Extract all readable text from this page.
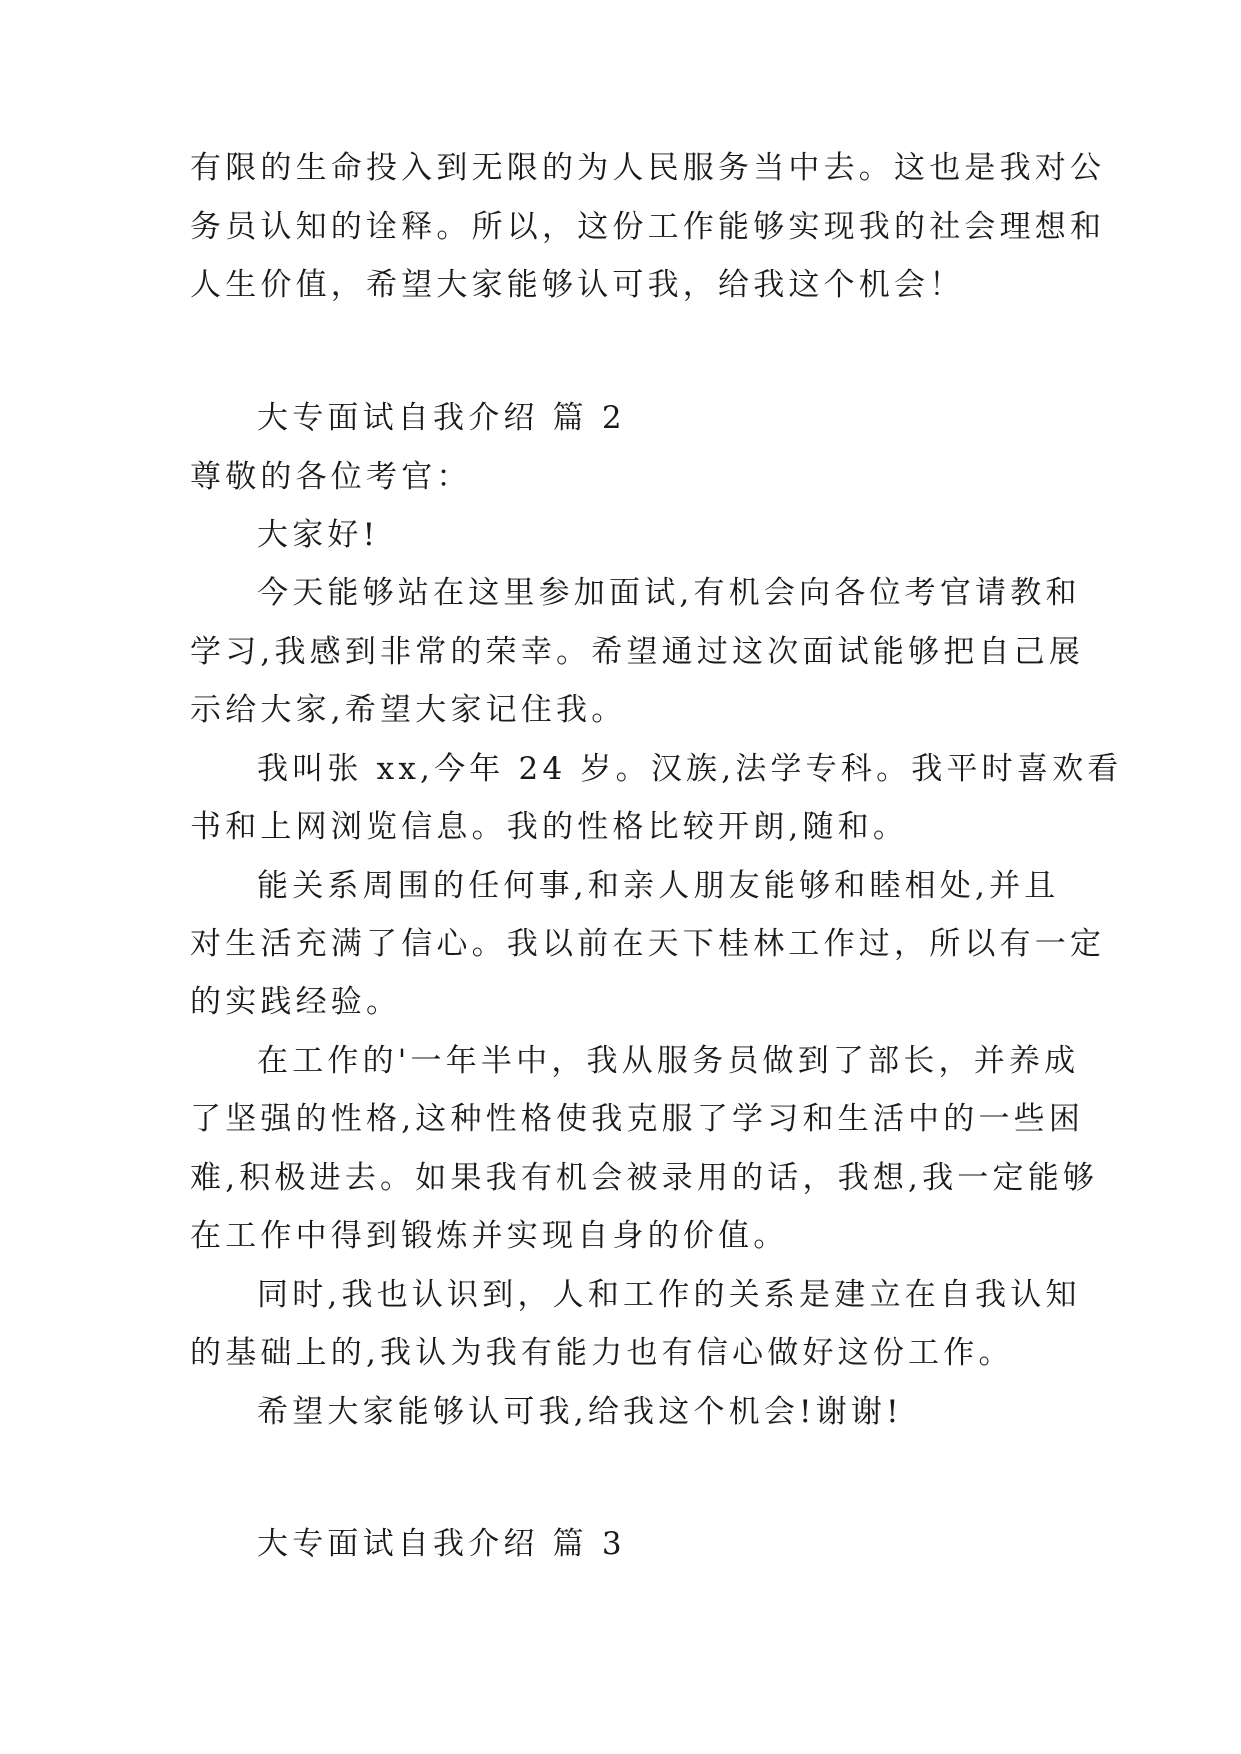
有限的生命投入到无限的为人民服务当中去。这也是我对公
务员认知的诠释。所以，这份工作能够实现我的社会理想和
人生价值，希望大家能够认可我，给我这个机会！
大专面试自我介绍 篇 2
尊敬的各位考官：
大家好!
今天能够站在这里参加面试,有机会向各位考官请教和
学习,我感到非常的荣幸。希望通过这次面试能够把自己展
示给大家,希望大家记住我。
我叫张 xx,今年 24 岁。汉族,法学专科。我平时喜欢看
书和上网浏览信息。我的性格比较开朗,随和。
能关系周围的任何事,和亲人朋友能够和睦相处,并且
对生活充满了信心。我以前在天下桂林工作过，所以有一定
的实践经验。
在工作的'一年半中，我从服务员做到了部长，并养成
了坚强的性格,这种性格使我克服了学习和生活中的一些困
难,积极进去。如果我有机会被录用的话，我想,我一定能够
在工作中得到锻炼并实现自身的价值。
同时,我也认识到，人和工作的关系是建立在自我认知
的基础上的,我认为我有能力也有信心做好这份工作。
希望大家能够认可我,给我这个机会!谢谢!
大专面试自我介绍 篇 3
